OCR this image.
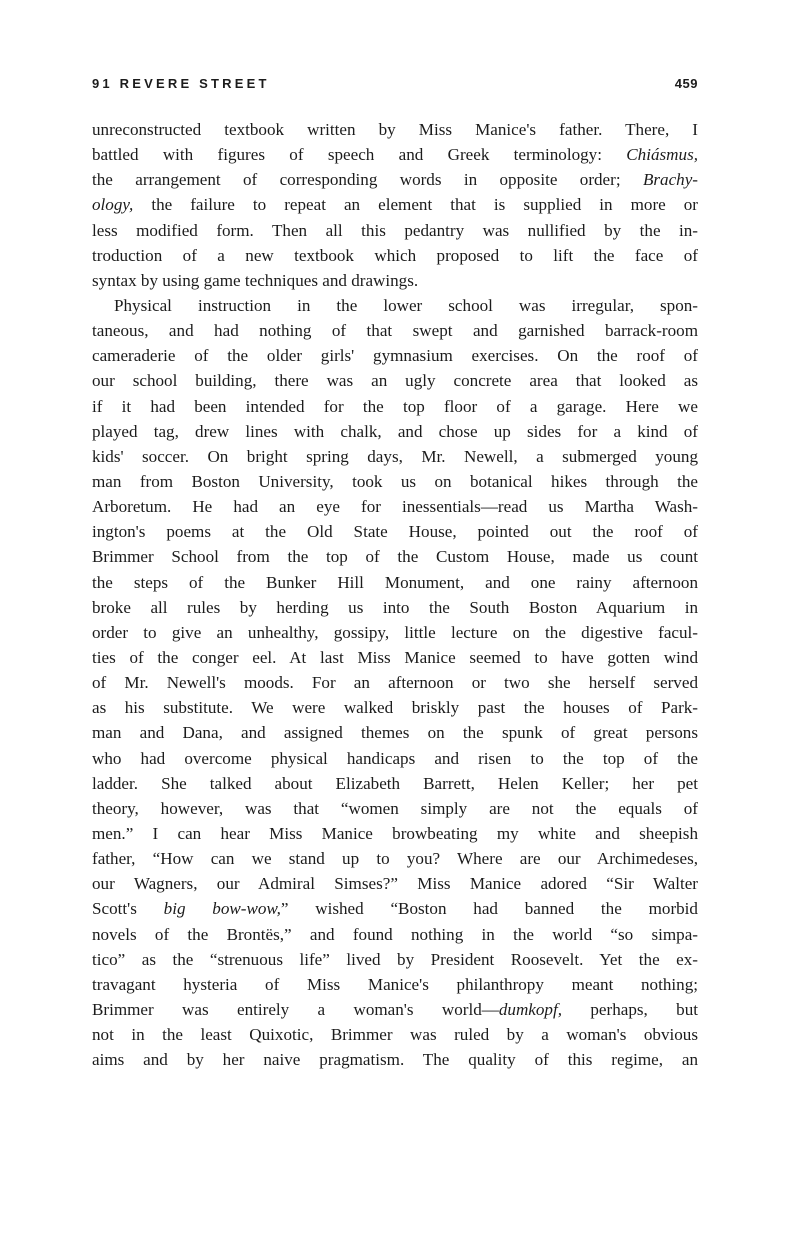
91 REVERE STREET	459
unreconstructed textbook written by Miss Manice's father. There, I
battled with figures of speech and Greek terminology: Chiásmus,
the arrangement of corresponding words in opposite order; Brachy-
ology, the failure to repeat an element that is supplied in more or
less modified form. Then all this pedantry was nullified by the in-
troduction of a new textbook which proposed to lift the face of
syntax by using game techniques and drawings.
Physical instruction in the lower school was irregular, spon-
taneous, and had nothing of that swept and garnished barrack-room
cameraderie of the older girls' gymnasium exercises. On the roof of
our school building, there was an ugly concrete area that looked as
if it had been intended for the top floor of a garage. Here we
played tag, drew lines with chalk, and chose up sides for a kind of
kids' soccer. On bright spring days, Mr. Newell, a submerged young
man from Boston University, took us on botanical hikes through the
Arboretum. He had an eye for inessentials—read us Martha Wash-
ington's poems at the Old State House, pointed out the roof of
Brimmer School from the top of the Custom House, made us count
the steps of the Bunker Hill Monument, and one rainy afternoon
broke all rules by herding us into the South Boston Aquarium in
order to give an unhealthy, gossipy, little lecture on the digestive facul-
ties of the conger eel. At last Miss Manice seemed to have gotten wind
of Mr. Newell's moods. For an afternoon or two she herself served
as his substitute. We were walked briskly past the houses of Park-
man and Dana, and assigned themes on the spunk of great persons
who had overcome physical handicaps and risen to the top of the
ladder. She talked about Elizabeth Barrett, Helen Keller; her pet
theory, however, was that “women simply are not the equals of
men.” I can hear Miss Manice browbeating my white and sheepish
father, “How can we stand up to you? Where are our Archimedeses,
our Wagners, our Admiral Simses?” Miss Manice adored “Sir Walter
Scott's big bow-wow,” wished “Boston had banned the morbid
novels of the Brontës,” and found nothing in the world “so simpa-
tico” as the “strenuous life” lived by President Roosevelt. Yet the ex-
travagant hysteria of Miss Manice's philanthropy meant nothing;
Brimmer was entirely a woman's world—dumkopf, perhaps, but
not in the least Quixotic, Brimmer was ruled by a woman's obvious
aims and by her naive pragmatism. The quality of this regime, an
